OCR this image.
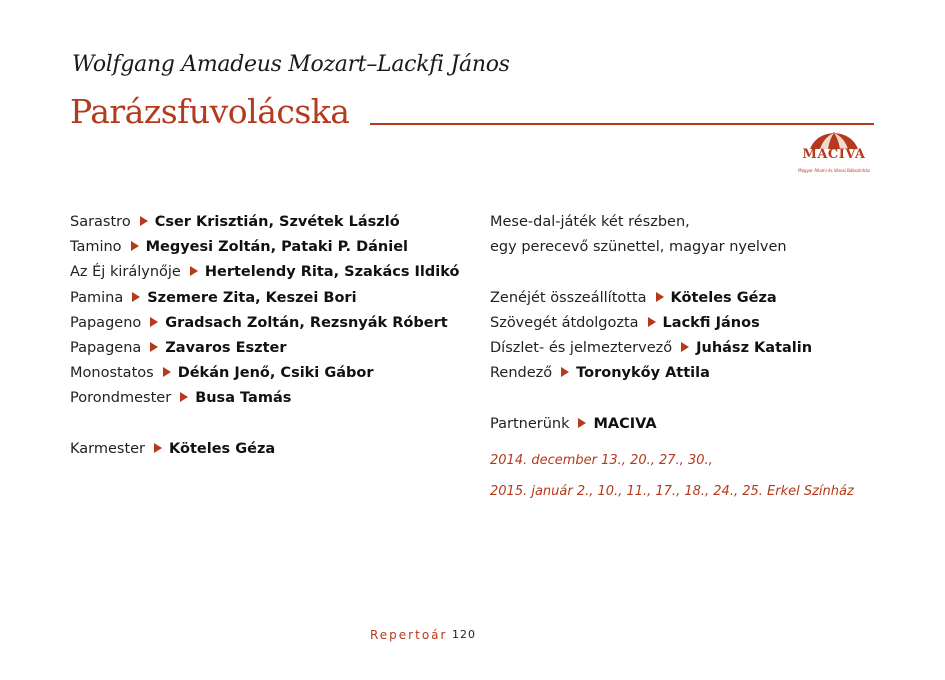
Wolfgang Amadeus Mozart–Lackfi János
Parázsfuvolácska
MACIVA
Magyar Állami és Városi Bábszínház
Sarastro Cser Krisztián, Szvétek László
Tamino Megyesi Zoltán, Pataki P. Dániel
Az Éj királynője Hertelendy Rita, Szakács Ildikó
Pamina Szemere Zita, Keszei Bori
Papageno Gradsach Zoltán, Rezsnyák Róbert
Papagena Zavaros Eszter
Monostatos Dékán Jenő, Csiki Gábor
Porondmester Busa Tamás
Karmester Köteles Géza
Mese-dal-játék két részben,
egy perecevő szünettel, magyar nyelven
Zenéjét összeállította Köteles Géza
Szövegét átdolgozta Lackfi János
Díszlet- és jelmeztervező Juhász Katalin
Rendező Toronykőy Attila
Partnerünk MACIVA
2014. december 13., 20., 27., 30.,
2015. január 2., 10., 11., 17., 18., 24., 25. Erkel Színház
Repertoár 120
